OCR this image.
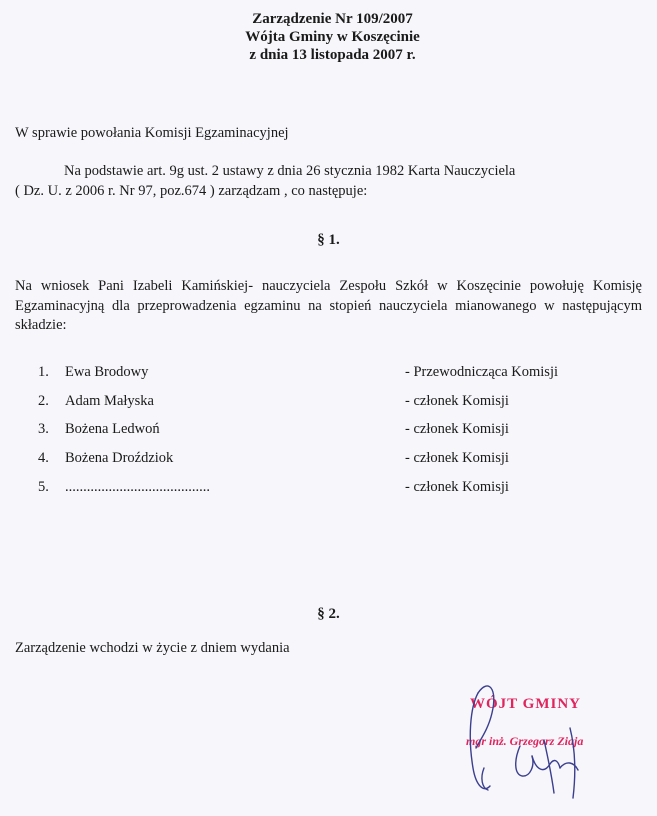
Zarządzenie Nr 109/2007
Wójta Gminy w Koszęcinie
z dnia 13 listopada 2007 r.
W sprawie powołania Komisji Egzaminacyjnej
Na podstawie art. 9g ust. 2 ustawy z dnia 26 stycznia 1982 Karta Nauczyciela
( Dz. U. z 2006 r. Nr 97, poz.674 ) zarządzam , co następuje:
§ 1.
Na wniosek Pani Izabeli Kamińskiej- nauczyciela Zespołu Szkół w Koszęcinie powołuję Komisję Egzaminacyjną dla przeprowadzenia egzaminu na stopień nauczyciela mianowanego w następującym składzie:
1. Ewa Brodowy	- Przewodnicząca Komisji
2. Adam Małyska	- członek Komisji
3. Bożena Ledwoń	- członek Komisji
4. Bożena Droździok	- członek Komisji
5. ........................................	- członek Komisji
§ 2.
Zarządzenie wchodzi w życie z dniem wydania
WÓJT GMINY
mgr inż. Grzegorz Ziaja
